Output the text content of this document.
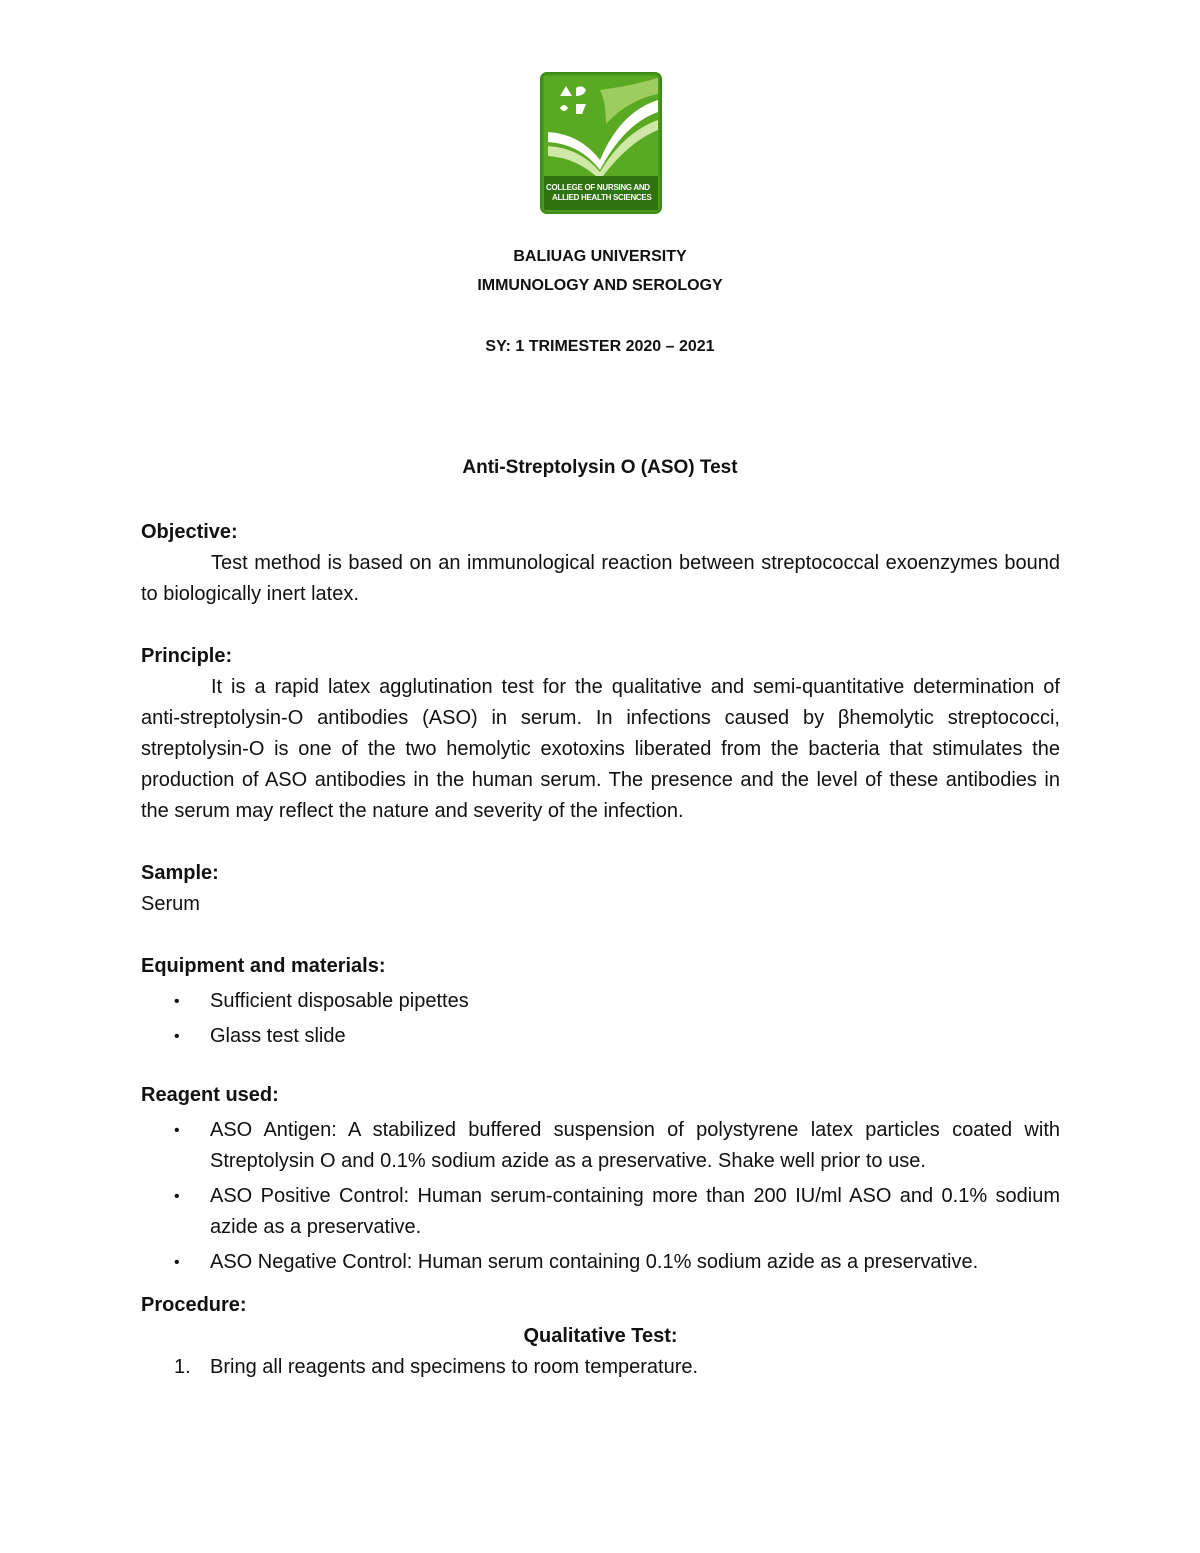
COLLEGE OF NURSING AND
ALLIED HEALTH SCIENCES
BALIUAG UNIVERSITY
IMMUNOLOGY AND SEROLOGY
SY: 1 TRIMESTER 2020 – 2021
Anti-Streptolysin O (ASO) Test

Objective:

Test method is based on an immunological reaction between streptococcal exoenzymes bound to biologically inert latex.

Principle:

It is a rapid latex agglutination test for the qualitative and semi-quantitative determination of anti-streptolysin-O antibodies (ASO) in serum. In infections caused by βhemolytic streptococci, streptolysin-O is one of the two hemolytic exotoxins liberated from the bacteria that stimulates the production of ASO antibodies in the human serum. The presence and the level of these antibodies in the serum may reflect the nature and severity of the infection.

Sample:

Serum

Equipment and materials:

• Sufficient disposable pipettes
• Glass test slide

Reagent used:

• ASO Antigen: A stabilized buffered suspension of polystyrene latex particles coated with Streptolysin O and 0.1% sodium azide as a preservative. Shake well prior to use.
• ASO Positive Control: Human serum-containing more than 200 IU/ml ASO and 0.1% sodium azide as a preservative.
• ASO Negative Control: Human serum containing 0.1% sodium azide as a preservative.

Procedure:

Qualitative Test:

1. Bring all reagents and specimens to room temperature.
